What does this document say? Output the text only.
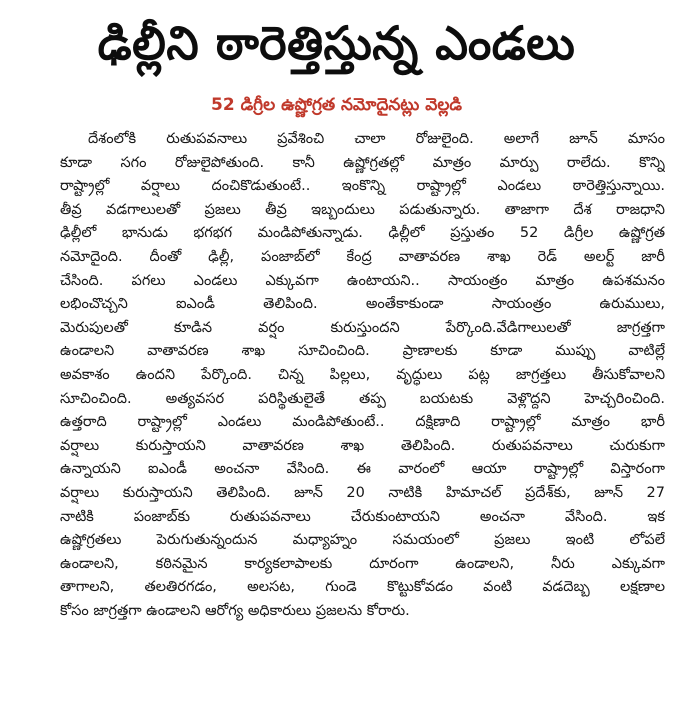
ఢిల్లీని ఠారెత్తిస్తున్న ఎండలు
52 డిగ్రీల ఉష్ణోగ్రత నమోదైనట్లు వెల్లడి
దేశంలోకి రుతుపవనాలు ప్రవేశించి చాలా రోజులైంది. అలాగే జూన్ మాసం
కూడా సగం రోజులైపోతుంది. కానీ ఉష్ణోగ్రతల్లో మాత్రం మార్పు రాలేదు. కొన్ని
రాష్ట్రాల్లో వర్షాలు దంచికొడుతుంటే.. ఇంకొన్ని రాష్ట్రాల్లో ఎండలు ఠారెత్తిస్తున్నాయి.
తీవ్ర వడగాలులతో ప్రజలు తీవ్ర ఇబ్బందులు పడుతున్నారు. తాజాగా దేశ రాజధాని
ఢిల్లీలో భానుడు భగభగ మండిపోతున్నాడు. ఢిల్లీలో ప్రస్తుతం 52 డిగ్రీల ఉష్ణోగ్రత
నమోదైంది. దీంతో ఢిల్లీ, పంజాబ్‌లో కేంద్ర వాతావరణ శాఖ రెడ్ అలర్ట్ జారీ
చేసింది. పగలు ఎండలు ఎక్కువగా ఉంటాయని.. సాయంత్రం మాత్రం ఉపశమనం
లభించొచ్చని ఐఎండీ తెలిపింది. అంతేకాకుండా సాయంత్రం ఉరుములు,
మెరుపులతో కూడిన వర్షం కురుస్తుందని పేర్కొంది.వేడిగాలులతో జాగ్రత్తగా
ఉండాలని వాతావరణ శాఖ సూచించింది. ప్రాణాలకు కూడా ముప్పు వాటిల్లే
అవకాశం ఉందని పేర్కొంది. చిన్న పిల్లలు, వృద్ధులు పట్ల జాగ్రత్తలు తీసుకోవాలని
సూచించింది. అత్యవసర పరిస్థితులైతే తప్ప బయటకు వెళ్లొద్దని హెచ్చరించింది.
ఉత్తరాది రాష్ట్రాల్లో ఎండలు మండిపోతుంటే.. దక్షిణాది రాష్ట్రాల్లో మాత్రం భారీ
వర్షాలు కురుస్తాయని వాతావరణ శాఖ తెలిపింది. రుతుపవనాలు చురుకుగా
ఉన్నాయని ఐఎండీ అంచనా వేసింది. ఈ వారంలో ఆయా రాష్ట్రాల్లో విస్తారంగా
వర్షాలు కురుస్తాయని తెలిపింది. జూన్ 20 నాటికి హిమాచల్ ప్రదేశ్‌కు, జూన్ 27
నాటికి పంజాబ్‌కు రుతుపవనాలు చేరుకుంటాయని అంచనా వేసింది. ఇక
ఉష్ణోగ్రతలు పెరుగుతున్నందున మధ్యాహ్నం సమయంలో ప్రజలు ఇంటి లోపలే
ఉండాలని, కఠినమైన కార్యకలాపాలకు దూరంగా ఉండాలని, నీరు ఎక్కువగా
తాగాలని, తలతిరగడం, అలసట, గుండె కొట్టుకోవడం వంటి వడదెబ్బ లక్షణాల
కోసం జాగ్రత్తగా ఉండాలని ఆరోగ్య అధికారులు ప్రజలను కోరారు.
